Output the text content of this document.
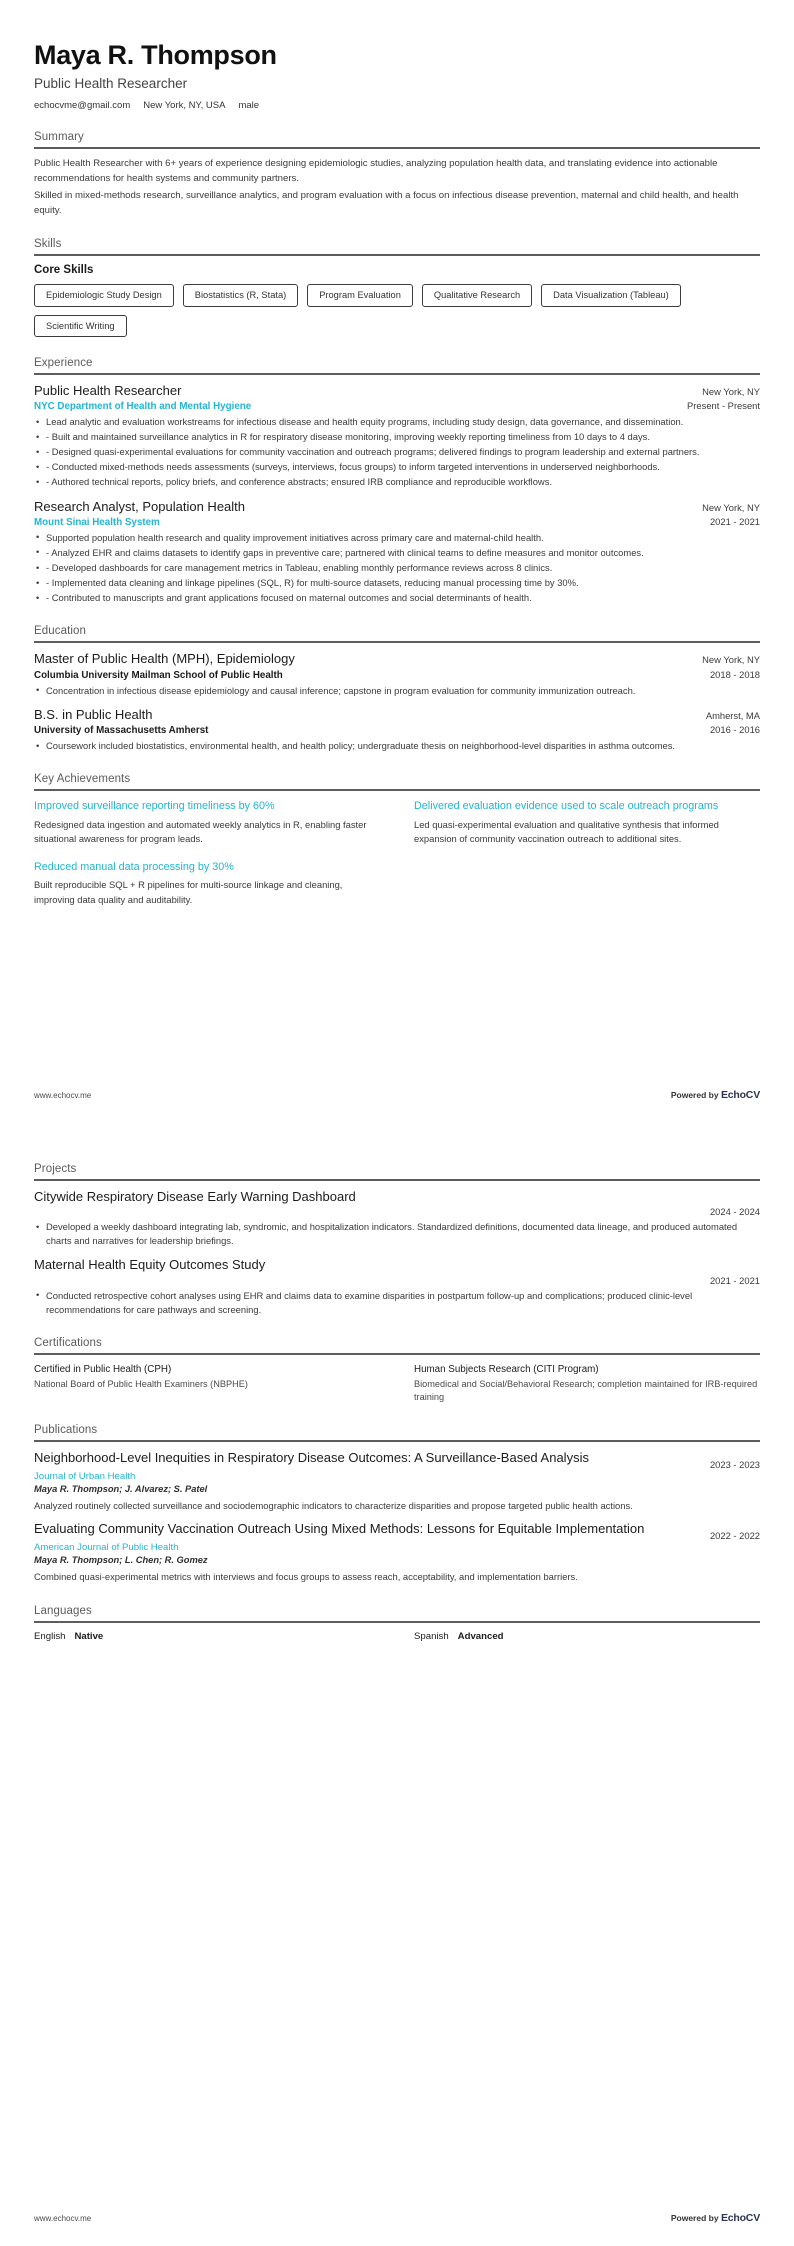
Maya R. Thompson
Public Health Researcher
echocvme@gmail.com New York, NY, USA male
Summary

Public Health Researcher with 6+ years of experience designing epidemiologic studies, analyzing population health data, and translating evidence into actionable recommendations for health systems and community partners.

Skilled in mixed-methods research, surveillance analytics, and program evaluation with a focus on infectious disease prevention, maternal and child health, and health equity.

Skills
Core Skills
Epidemiologic Study Design	Biostatistics (R, Stata)	Program Evaluation	Qualitative Research	Data Visualization (Tableau)
Scientific Writing
Experience
Public Health Researcher	New York, NY
NYC Department of Health and Mental Hygiene	Present - Present
• Lead analytic and evaluation workstreams for infectious disease and health equity programs, including study design, data governance, and dissemination.
• - Built and maintained surveillance analytics in R for respiratory disease monitoring, improving weekly reporting timeliness from 10 days to 4 days.
• - Designed quasi-experimental evaluations for community vaccination and outreach programs; delivered findings to program leadership and external partners.
• - Conducted mixed-methods needs assessments (surveys, interviews, focus groups) to inform targeted interventions in underserved neighborhoods.
• - Authored technical reports, policy briefs, and conference abstracts; ensured IRB compliance and reproducible workflows.
Research Analyst, Population Health	New York, NY
Mount Sinai Health System	2021 - 2021
• Supported population health research and quality improvement initiatives across primary care and maternal-child health.
• - Analyzed EHR and claims datasets to identify gaps in preventive care; partnered with clinical teams to define measures and monitor outcomes.
• - Developed dashboards for care management metrics in Tableau, enabling monthly performance reviews across 8 clinics.
• - Implemented data cleaning and linkage pipelines (SQL, R) for multi-source datasets, reducing manual processing time by 30%.
• - Contributed to manuscripts and grant applications focused on maternal outcomes and social determinants of health.
Education
Master of Public Health (MPH), Epidemiology	New York, NY
Columbia University Mailman School of Public Health	2018 - 2018
• Concentration in infectious disease epidemiology and causal inference; capstone in program evaluation for community immunization outreach.
B.S. in Public Health	Amherst, MA
University of Massachusetts Amherst	2016 - 2016
• Coursework included biostatistics, environmental health, and health policy; undergraduate thesis on neighborhood-level disparities in asthma outcomes.
Key Achievements
Improved surveillance reporting timeliness by 60%
Redesigned data ingestion and automated weekly analytics in R, enabling faster situational awareness for program leads.
Delivered evaluation evidence used to scale outreach programs
Led quasi-experimental evaluation and qualitative synthesis that informed expansion of community vaccination outreach to additional sites.
Reduced manual data processing by 30%
Built reproducible SQL + R pipelines for multi-source linkage and cleaning, improving data quality and auditability.
www.echocv.me	Powered by EchoCV
Projects
Citywide Respiratory Disease Early Warning Dashboard
2024 - 2024
• Developed a weekly dashboard integrating lab, syndromic, and hospitalization indicators. Standardized definitions, documented data lineage, and produced automated charts and narratives for leadership briefings.
Maternal Health Equity Outcomes Study
2021 - 2021
• Conducted retrospective cohort analyses using EHR and claims data to examine disparities in postpartum follow-up and complications; produced clinic-level recommendations for care pathways and screening.
Certifications
Certified in Public Health (CPH)
National Board of Public Health Examiners (NBPHE)
Human Subjects Research (CITI Program)
Biomedical and Social/Behavioral Research; completion maintained for IRB-required training
Publications
Neighborhood-Level Inequities in Respiratory Disease Outcomes: A Surveillance-Based Analysis	2023 - 2023
Journal of Urban Health
Maya R. Thompson; J. Alvarez; S. Patel
Analyzed routinely collected surveillance and sociodemographic indicators to characterize disparities and propose targeted public health actions.
Evaluating Community Vaccination Outreach Using Mixed Methods: Lessons for Equitable Implementation	2022 - 2022
American Journal of Public Health
Maya R. Thompson; L. Chen; R. Gomez
Combined quasi-experimental metrics with interviews and focus groups to assess reach, acceptability, and implementation barriers.
Languages
English Native	Spanish Advanced
www.echocv.me	Powered by EchoCV
